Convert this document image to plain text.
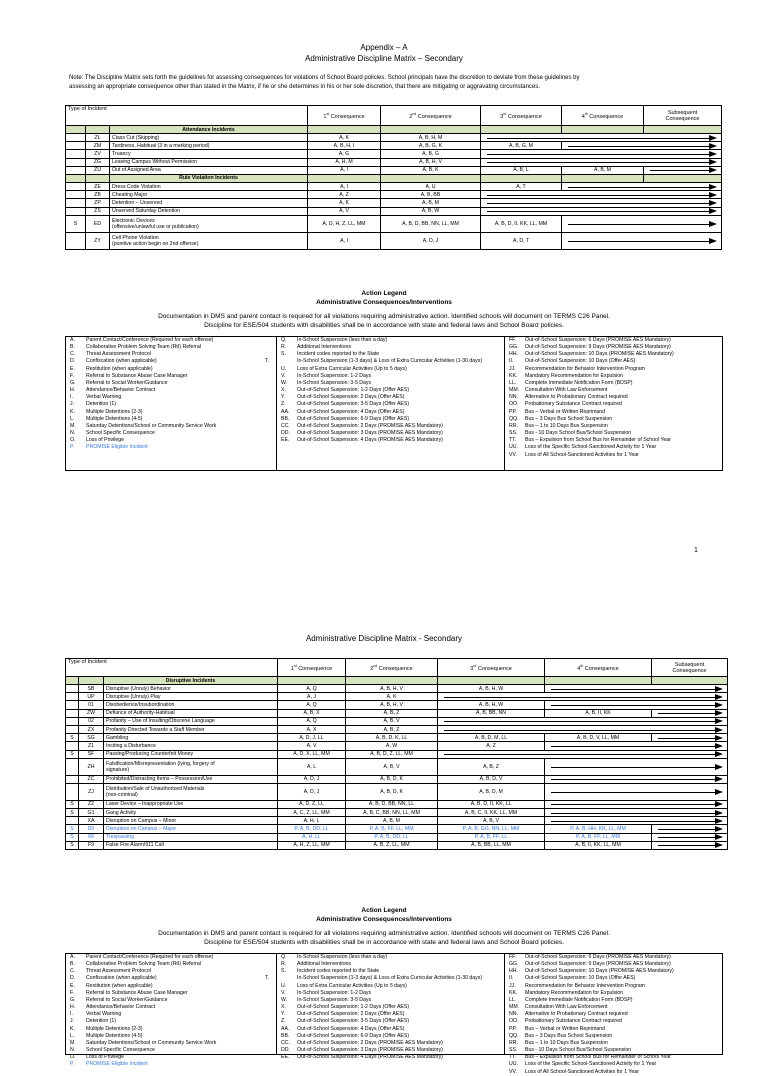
Appendix – A
Administrative Discipline Matrix – Secondary
Note: The Discipline Matrix sets forth the guidelines for assessing consequences for violations of School Board policies. School principals have the discretion to deviate from these guidelines by
assessing an appropriate consequence other than stated in the Matrix, if he or she determines in his or her sole discretion, that there are mitigating or aggravating circumstances.
Type of Incident			1st Consequence	2nd Consequence	3rd Consequence	4th Consequence	Subsequent
Consequence

		Attendance Incidents					
	ZL	Class Cut (Skipping)	A, K	A, B, H, M			

	ZM	Tardiness, Habitual (3 in a marking period)	A, B, H, I	A, B, G, K	A, B, G, M		

	ZV	Truancy	A, G	A, B, G			

	ZG	Leaving Campus Without Permission	A, H, M	A, B, H, V			

	ZU	Out of Assigned Area	A, I	A, B, K	A, B, L	A, B, M	

		Rule Violation Incidents					
	ZE	Dress Code Violation	A, I	A, U	A, T		

	ZB	Cheating Major	A, Z	A, B, BB			

	ZP	Detention – Unserved	A, K	A, B, M			

	ZS	Unserved Saturday Detention	A, V	A, B, W			

S	ED	Electronic Devices
(offensive/unlawful use or publication)	A, D, H, Z, LL, MM	A, B, D, BB, NN, LL, MM	A, B, D, II, KK, LL, MM		

	ZY	Cell Phone Violation
(punitive action begin on 2nd offense)	A, I	A, D, J	A, D, T		
Action Legend
Administrative Consequences/Interventions
Documentation in DMS and parent contact is required for all violations requiring administrative action. Identified schools will document on TERMS C26 Panel.
Discipline for ESE/504 students with disabilities shall be in accordance with state and federal laws and School Board policies.
A. Parent Contact/Conference (Required for each offense)
B. Collaborative Problem Solving Team (RtI) Referral
C. Threat Assessment Protocol
D. Confiscation (when applicable)
E. Restitution (when applicable)
F. Referral to Substance Abuse Case Manager
G. Referral to Social Worker/Guidance
H. Attendance/Behavior Contract
I.	Verbal Warning
J. Detention (1)
K. Multiple Detentions (2-3)
L. Multiple Detentions (4-5)
M. Saturday Detentions/School or Community Service Work
N. School Specific Consequence
O. Loss of Privilege
P. PROMISE Eligible Incident
Q. In-School Suspension (less than a day)
R. Additional Interventions
S. Incident codes reported to the State
T.	In-School Suspension (1-3 days) & Loss of Extra Curricular Activities (1-30 days)
U. Loss of Extra Curricular Activities (Up to 5 days)
V. In-School Suspension: 1-2 Days
W. In-School Suspension: 3-5 Days
X. Out-of-School Suspension: 1-2 Days (Offer AES)
Y. Out-of-School Suspension: 2 Days (Offer AES)
Z. Out-of-School Suspension: 3-5 Days (Offer AES)
AA. Out-of-School Suspension: 4 Days (Offer AES)
BB. Out-of-School Suspension: 6-9 Days (Offer AES)
CC. Out-of-School Suspension: 2 Days (PROMISE AES Mandatory)
DD. Out-of-School Suspension: 3 Days (PROMISE AES Mandatory)
EE. Out-of-School Suspension: 4 Days (PROMISE AES Mandatory)
FF. Out-of-School Suspension: 6 Days (PROMISE AES Mandatory)
GG. Out-of-School Suspension: 9 Days (PROMISE AES Mandatory)
HH. Out-of-School Suspension: 10 Days (PROMISE AES Mandatory)
II. Out-of-School Suspension: 10 Days (Offer AES)
JJ. Recommendation for Behavior Intervention Program
KK. Mandatory Recommendation for Expulsion
LL. Complete Immediate Notification Form (BDSP)
MM. Consultation With Law Enforcement
NN. Alternative to Probationary Contract required
OO. Probationary Substance Contract required
PP. Bus – Verbal or Written Reprimand
QQ. Bus – 3 Days Bus School Suspension
RR. Bus – 1 to 10 Days Bus Suspension
SS. Bus - 10 Days School Bus/School Suspension
TT. Bus – Expulsion from School Bus for Remainder of School Year
UU. Loss of the Specific School-Sanctioned Activity for 1 Year
VV. Loss of All School-Sanctioned Activities for 1 Year
1
Administrative Discipline Matrix - Secondary
Type of Incident			1st Consequence	2nd Consequence	3rd Consequence	4th Consequence	Subsequent
Consequence

		Disruptive Incidents					
	SB	Disruptive (Unruly) Behavior	A, Q	A, B, H, V	A, B, H, W		

	UP	Disruptive (Unruly) Play	A, J	A, K			

	01	Disobedience/Insubordination	A, Q	A, B, H, V	A, B, H, W		

	ZW	Defiance of Authority-Habitual	A, B, X	A, B, Z	A, B, BB, NN	A, B, II, KK	

	02	Profanity – Use of Insulting/Obscene Language	A, Q	A, B, V			

	ZX	Profanity Directed Towards a Staff Member	A, X	A, B, Z			

S	SG	Gambling	A, D, J, LL	A, B, D, K, LL	A, B, D, M, LL	A, B, D, V, LL, MM	

	Z1	Inciting a Disturbance	A, V	A, W	A, Z		

S	SF	Passing/Producing Counterfeit Money	A, D, X, LL, MM	A, B, D, Z, LL, MM			

	ZH	Falsification/Misrepresentation (lying, forgery of
signature)	A, L	A, B, V	A, B, Z		

	ZC	Prohibited/Distracting Items – Possession/Use	A, D, J	A, B, D, K	A, B, D, V		

	ZJ	Distribution/Sale of Unauthorized Materials
(non-criminal)	A, D, J	A, B, D, K	A, B, D, M		

S	Z2	Laser Device – Inappropriate Use	A, D, Z, LL	A, B, D, BB, NN, LL	A, B, D, II, KK, LL		

S	G1	Gang Activity	A, C, Z, LL, MM	A, B, C, BB, NN, LL, MM	A, B, C, II, KK, LL, MM		

	XA	Disruption on Campus – Minor	A, H, L	A, B, M	A, B, V		

S	D0	Disruption on Campus – Major	P, A, B, DD, LL	P, A, B, FF, LL, MM	P, A, B, GG, NN, LL, MM	P, A, B, HH, KK, LL, MM	

S	66	Trespassing	A, H, LL	P, A, B, DD, LL	P, A, B, FF, LL	P, A, B, FF, LL, MM	

S	F9	False Fire Alarm/911 Call	A, H, Z, LL, MM	A, B, Z, LL, MM	A, B, BB, LL, MM	A, B, II, KK, LL, MM	
Action Legend
Administrative Consequences/Interventions
Documentation in DMS and parent contact is required for all violations requiring administrative action. Identified schools will document on TERMS C26 Panel.
Discipline for ESE/504 students with disabilities shall be in accordance with state and federal laws and School Board policies.
A. Parent Contact/Conference (Required for each offense)
B. Collaborative Problem Solving Team (RtI) Referral
C. Threat Assessment Protocol
D. Confiscation (when applicable)
E. Restitution (when applicable)
F. Referral to Substance Abuse Case Manager
G. Referral to Social Worker/Guidance
H. Attendance/Behavior Contract
I.	Verbal Warning
J. Detention (1)
K. Multiple Detentions (2-3)
L. Multiple Detentions (4-5)
M. Saturday Detentions/School or Community Service Work
N. School Specific Consequence
O. Loss of Privilege
P. PROMISE Eligible Incident
Q. In-School Suspension (less than a day)
R. Additional Interventions
S. Incident codes reported to the State
T.	In-School Suspension (1-3 days) & Loss of Extra Curricular Activities (1-30 days)
U. Loss of Extra Curricular Activities (Up to 5 days)
V. In-School Suspension: 1-2 Days
W. In-School Suspension: 3-5 Days
X. Out-of-School Suspension: 1-2 Days (Offer AES)
Y. Out-of-School Suspension: 2 Days (Offer AES)
Z. Out-of-School Suspension: 3-5 Days (Offer AES)
AA. Out-of-School Suspension: 4 Days (Offer AES)
BB. Out-of-School Suspension: 6-9 Days (Offer AES)
CC. Out-of-School Suspension: 2 Days (PROMISE AES Mandatory)
DD. Out-of-School Suspension: 3 Days (PROMISE AES Mandatory)
EE. Out-of-School Suspension: 4 Days (PROMISE AES Mandatory)
FF. Out-of-School Suspension: 6 Days (PROMISE AES Mandatory)
GG. Out-of-School Suspension: 9 Days (PROMISE AES Mandatory)
HH. Out-of-School Suspension: 10 Days (PROMISE AES Mandatory)
II. Out-of-School Suspension: 10 Days (Offer AES)
JJ. Recommendation for Behavior Intervention Program
KK. Mandatory Recommendation for Expulsion
LL. Complete Immediate Notification Form (BDSP)
MM. Consultation With Law Enforcement
NN. Alternative to Probationary Contract required
OO. Probationary Substance Contract required
PP. Bus – Verbal or Written Reprimand
QQ. Bus – 3 Days Bus School Suspension
RR. Bus – 1 to 10 Days Bus Suspension
SS. Bus - 10 Days School Bus/School Suspension
TT. Bus – Expulsion from School Bus for Remainder of School Year
UU. Loss of the Specific School-Sanctioned Activity for 1 Year
VV. Loss of All School-Sanctioned Activities for 1 Year
